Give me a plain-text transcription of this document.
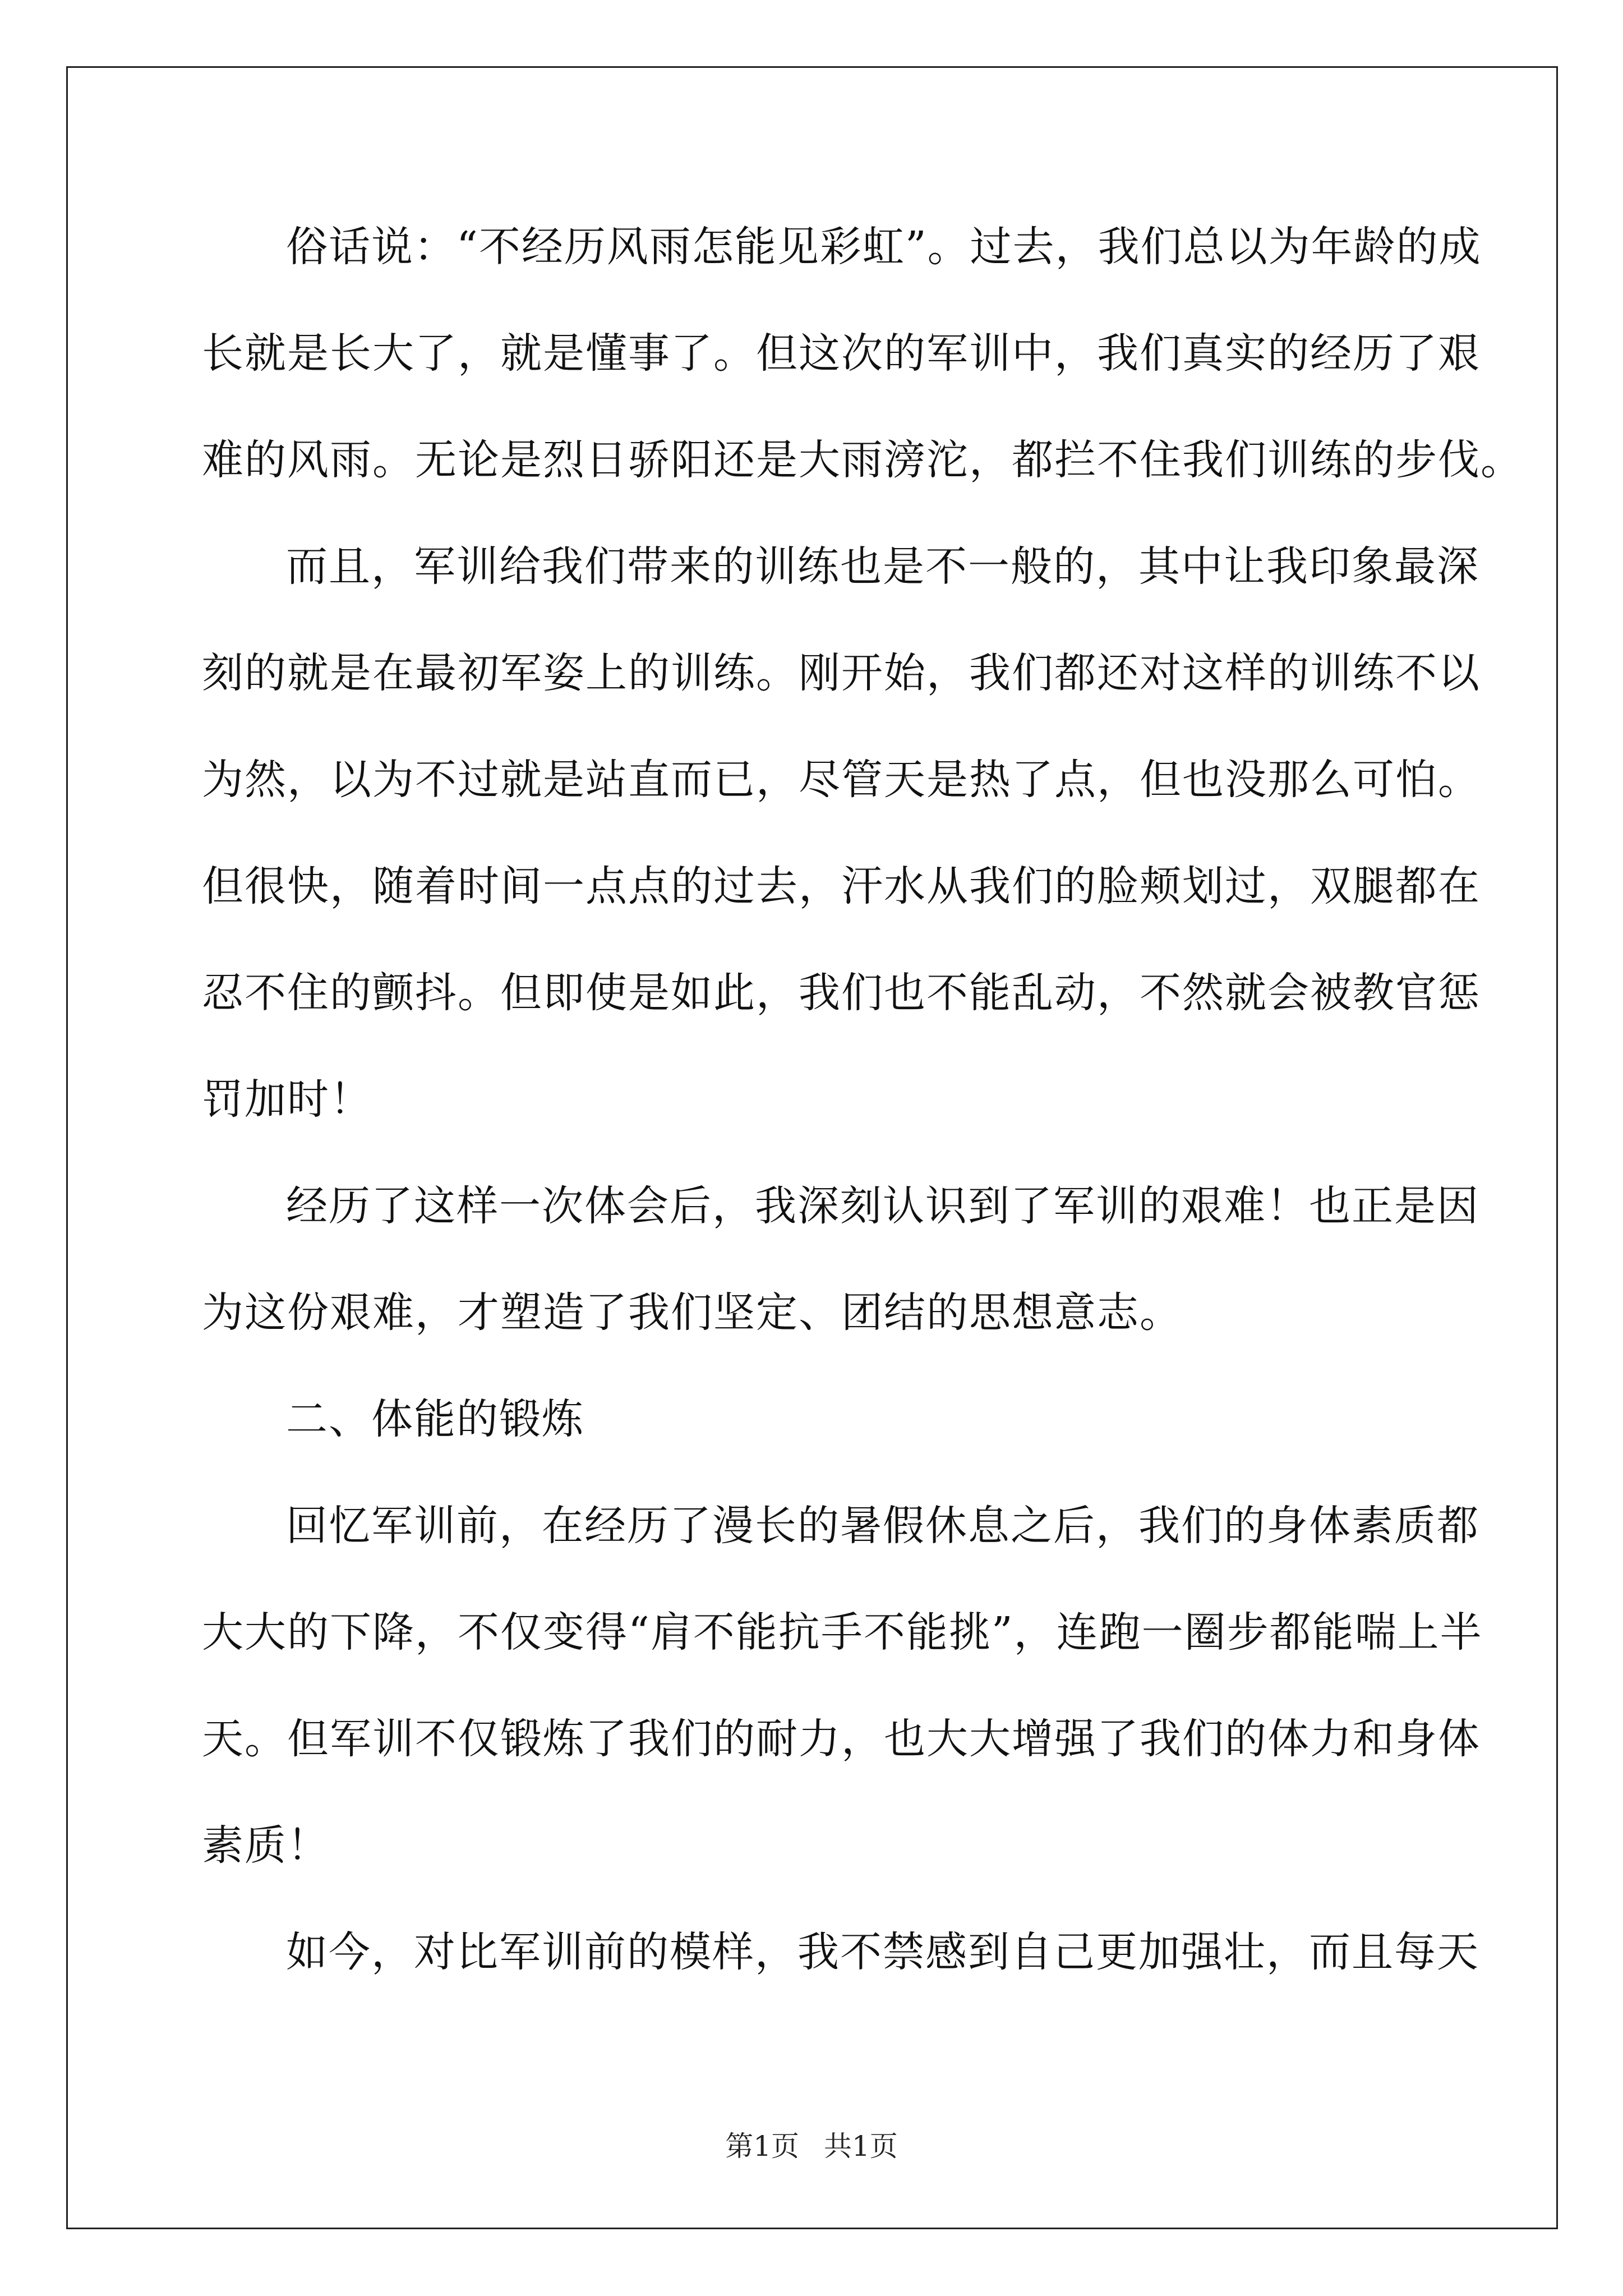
俗话说：“不经历风雨怎能见彩虹”。过去，我们总以为年龄的成
长就是长大了，就是懂事了。但这次的军训中，我们真实的经历了艰
难的风雨。无论是烈日骄阳还是大雨滂沱，都拦不住我们训练的步伐。
而且，军训给我们带来的训练也是不一般的，其中让我印象最深
刻的就是在最初军姿上的训练。刚开始，我们都还对这样的训练不以
为然，以为不过就是站直而已，尽管天是热了点，但也没那么可怕。
但很快，随着时间一点点的过去，汗水从我们的脸颊划过，双腿都在
忍不住的颤抖。但即使是如此，我们也不能乱动，不然就会被教官惩
罚加时！
经历了这样一次体会后，我深刻认识到了军训的艰难！也正是因
为这份艰难，才塑造了我们坚定、团结的思想意志。
二、体能的锻炼
回忆军训前，在经历了漫长的暑假休息之后，我们的身体素质都
大大的下降，不仅变得“肩不能抗手不能挑”，连跑一圈步都能喘上半
天。但军训不仅锻炼了我们的耐力，也大大增强了我们的体力和身体
素质！
如今，对比军训前的模样，我不禁感到自己更加强壮，而且每天
第1页 共1页
